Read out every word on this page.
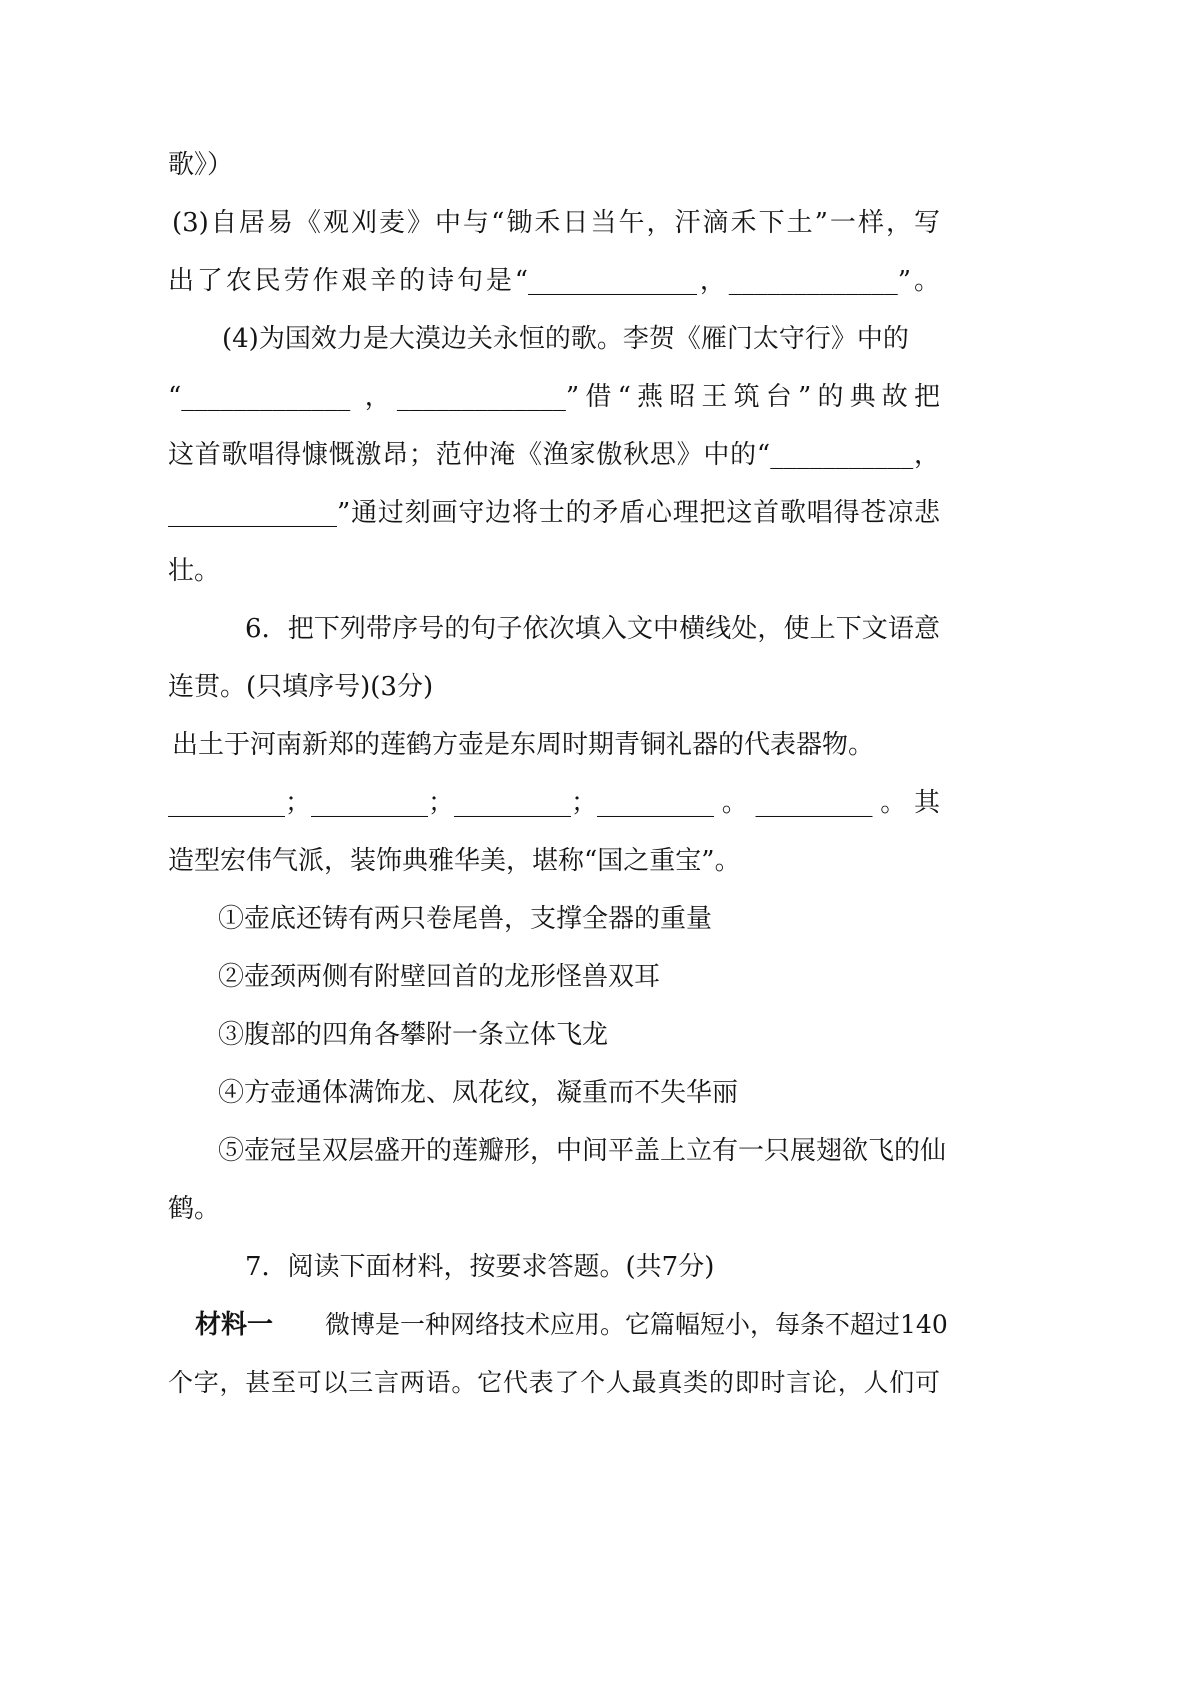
歌》）
(3)自居易《观刈麦》中与“锄禾日当午，汗滴禾下土”一样，写
出了农民劳作艰辛的诗句是“_____________，_____________”。
(4)为国效力是大漠边关永恒的歌。李贺《雁门太守行》中的
“_____________ ，_____________”借“燕昭王筑台”的典故把
这首歌唱得慷慨激昂；范仲淹《渔家傲秋思》中的“___________，
_____________”通过刻画守边将士的矛盾心理把这首歌唱得苍凉悲
壮。
6．把下列带序号的句子依次填入文中横线处，使上下文语意
连贯。(只填序号)(3分)
出土于河南新郑的莲鹤方壶是东周时期青铜礼器的代表器物。
_________；_________；_________；_________。_________。其
造型宏伟气派，装饰典雅华美，堪称“国之重宝”。
①壶底还铸有两只卷尾兽，支撑全器的重量
②壶颈两侧有附壁回首的龙形怪兽双耳
③腹部的四角各攀附一条立体飞龙
④方壶通体满饰龙、凤花纹，凝重而不失华丽
⑤壶冠呈双层盛开的莲瓣形，中间平盖上立有一只展翅欲飞的仙
鹤。
7．阅读下面材料，按要求答题。(共7分)
材料一 微博是一种网络技术应用。它篇幅短小，每条不超过140
个字，甚至可以三言两语。它代表了个人最真类的即时言论，人们可
